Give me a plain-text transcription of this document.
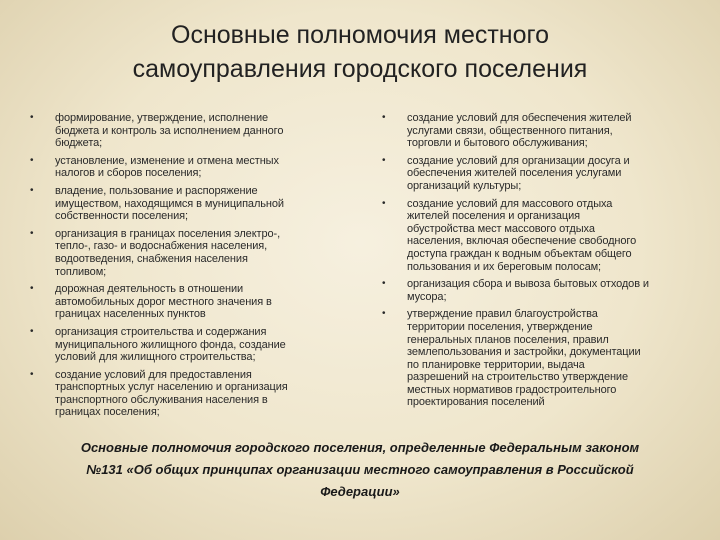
Основные полномочия местного
самоуправления городского поселения
• формирование, утверждение, исполнение
бюджета и контроль за исполнением данного
бюджета;
• установление, изменение и отмена местных
налогов и сборов поселения;
• владение, пользование и распоряжение
имуществом, находящимся в муниципальной
собственности поселения;
• организация в границах поселения электро-,
тепло-, газо- и водоснабжения населения,
водоотведения, снабжения населения
топливом;
• дорожная деятельность в отношении
автомобильных дорог местного значения в
границах населенных пунктов
• организация строительства и содержания
муниципального жилищного фонда, создание
условий для жилищного строительства;
• создание условий для предоставления
транспортных услуг населению и организация
транспортного обслуживания населения в
границах поселения;
• создание условий для обеспечения жителей
услугами связи, общественного питания,
торговли и бытового обслуживания;
• создание условий для организации досуга и
обеспечения жителей поселения услугами
организаций культуры;
• создание условий для массового отдыха
жителей поселения и организация
обустройства мест массового отдыха
населения, включая обеспечение свободного
доступа граждан к водным объектам общего
пользования и их береговым полосам;
• организация сбора и вывоза бытовых отходов и
мусора;
• утверждение правил благоустройства
территории поселения, утверждение
генеральных планов поселения, правил
землепользования и застройки, документации
по планировке территории, выдача
разрешений на строительство утверждение
местных нормативов градостроительного
проектирования поселений
Основные полномочия городского поселения, определенные Федеральным законом
№131 «Об общих принципах организации местного самоуправления в Российской
Федерации»
